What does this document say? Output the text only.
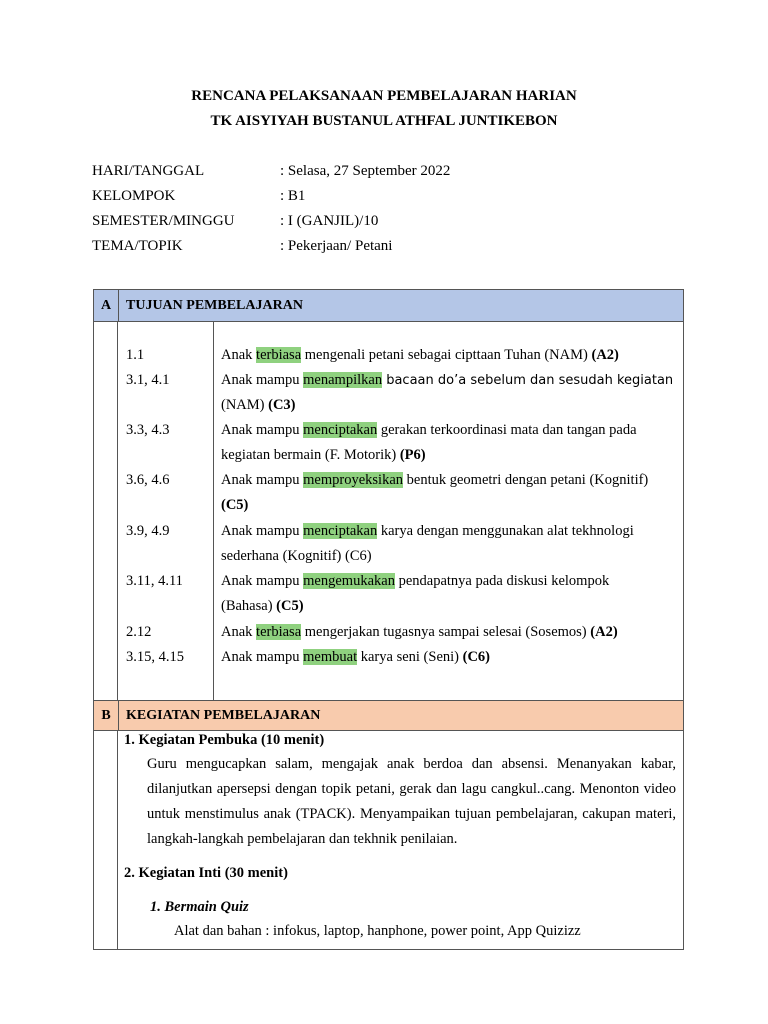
RENCANA PELAKSANAAN PEMBELAJARAN HARIAN
TK AISYIYAH BUSTANUL ATHFAL JUNTIKEBON
HARI/TANGGAL	: Selasa, 27 September 2022
KELOMPOK	: B1
SEMESTER/MINGGU	: I (GANJIL)/10
TEMA/TOPIK	: Pekerjaan/ Petani
A	TUJUAN PEMBELAJARAN
1.1	Anak terbiasa mengenali petani sebagai cipttaan Tuhan (NAM) (A2)
3.1, 4.1	Anak mampu menampilkan bacaan do’a sebelum dan sesudah kegiatan
(NAM) (C3)
3.3, 4.3	Anak mampu menciptakan gerakan terkoordinasi mata dan tangan pada
kegiatan bermain (F. Motorik) (P6)
3.6, 4.6	Anak mampu memproyeksikan bentuk geometri dengan petani (Kognitif)
(C5)
3.9, 4.9	Anak mampu menciptakan karya dengan menggunakan alat tekhnologi
sederhana (Kognitif) (C6)
3.11, 4.11	Anak mampu mengemukakan pendapatnya pada diskusi kelompok
(Bahasa) (C5)
2.12	Anak terbiasa mengerjakan tugasnya sampai selesai (Sosemos) (A2)
3.15, 4.15	Anak mampu membuat karya seni (Seni) (C6)
B	KEGIATAN PEMBELAJARAN
1. Kegiatan Pembuka (10 menit)
Guru mengucapkan salam, mengajak anak berdoa dan absensi. Menanyakan kabar, dilanjutkan apersepsi dengan topik petani, gerak dan lagu cangkul..cang. Menonton video untuk menstimulus anak (TPACK). Menyampaikan tujuan pembelajaran, cakupan materi, langkah-langkah pembelajaran dan tekhnik penilaian.
2. Kegiatan Inti (30 menit)
1. Bermain Quiz
Alat dan bahan : infokus, laptop, hanphone, power point, App Quizizz
